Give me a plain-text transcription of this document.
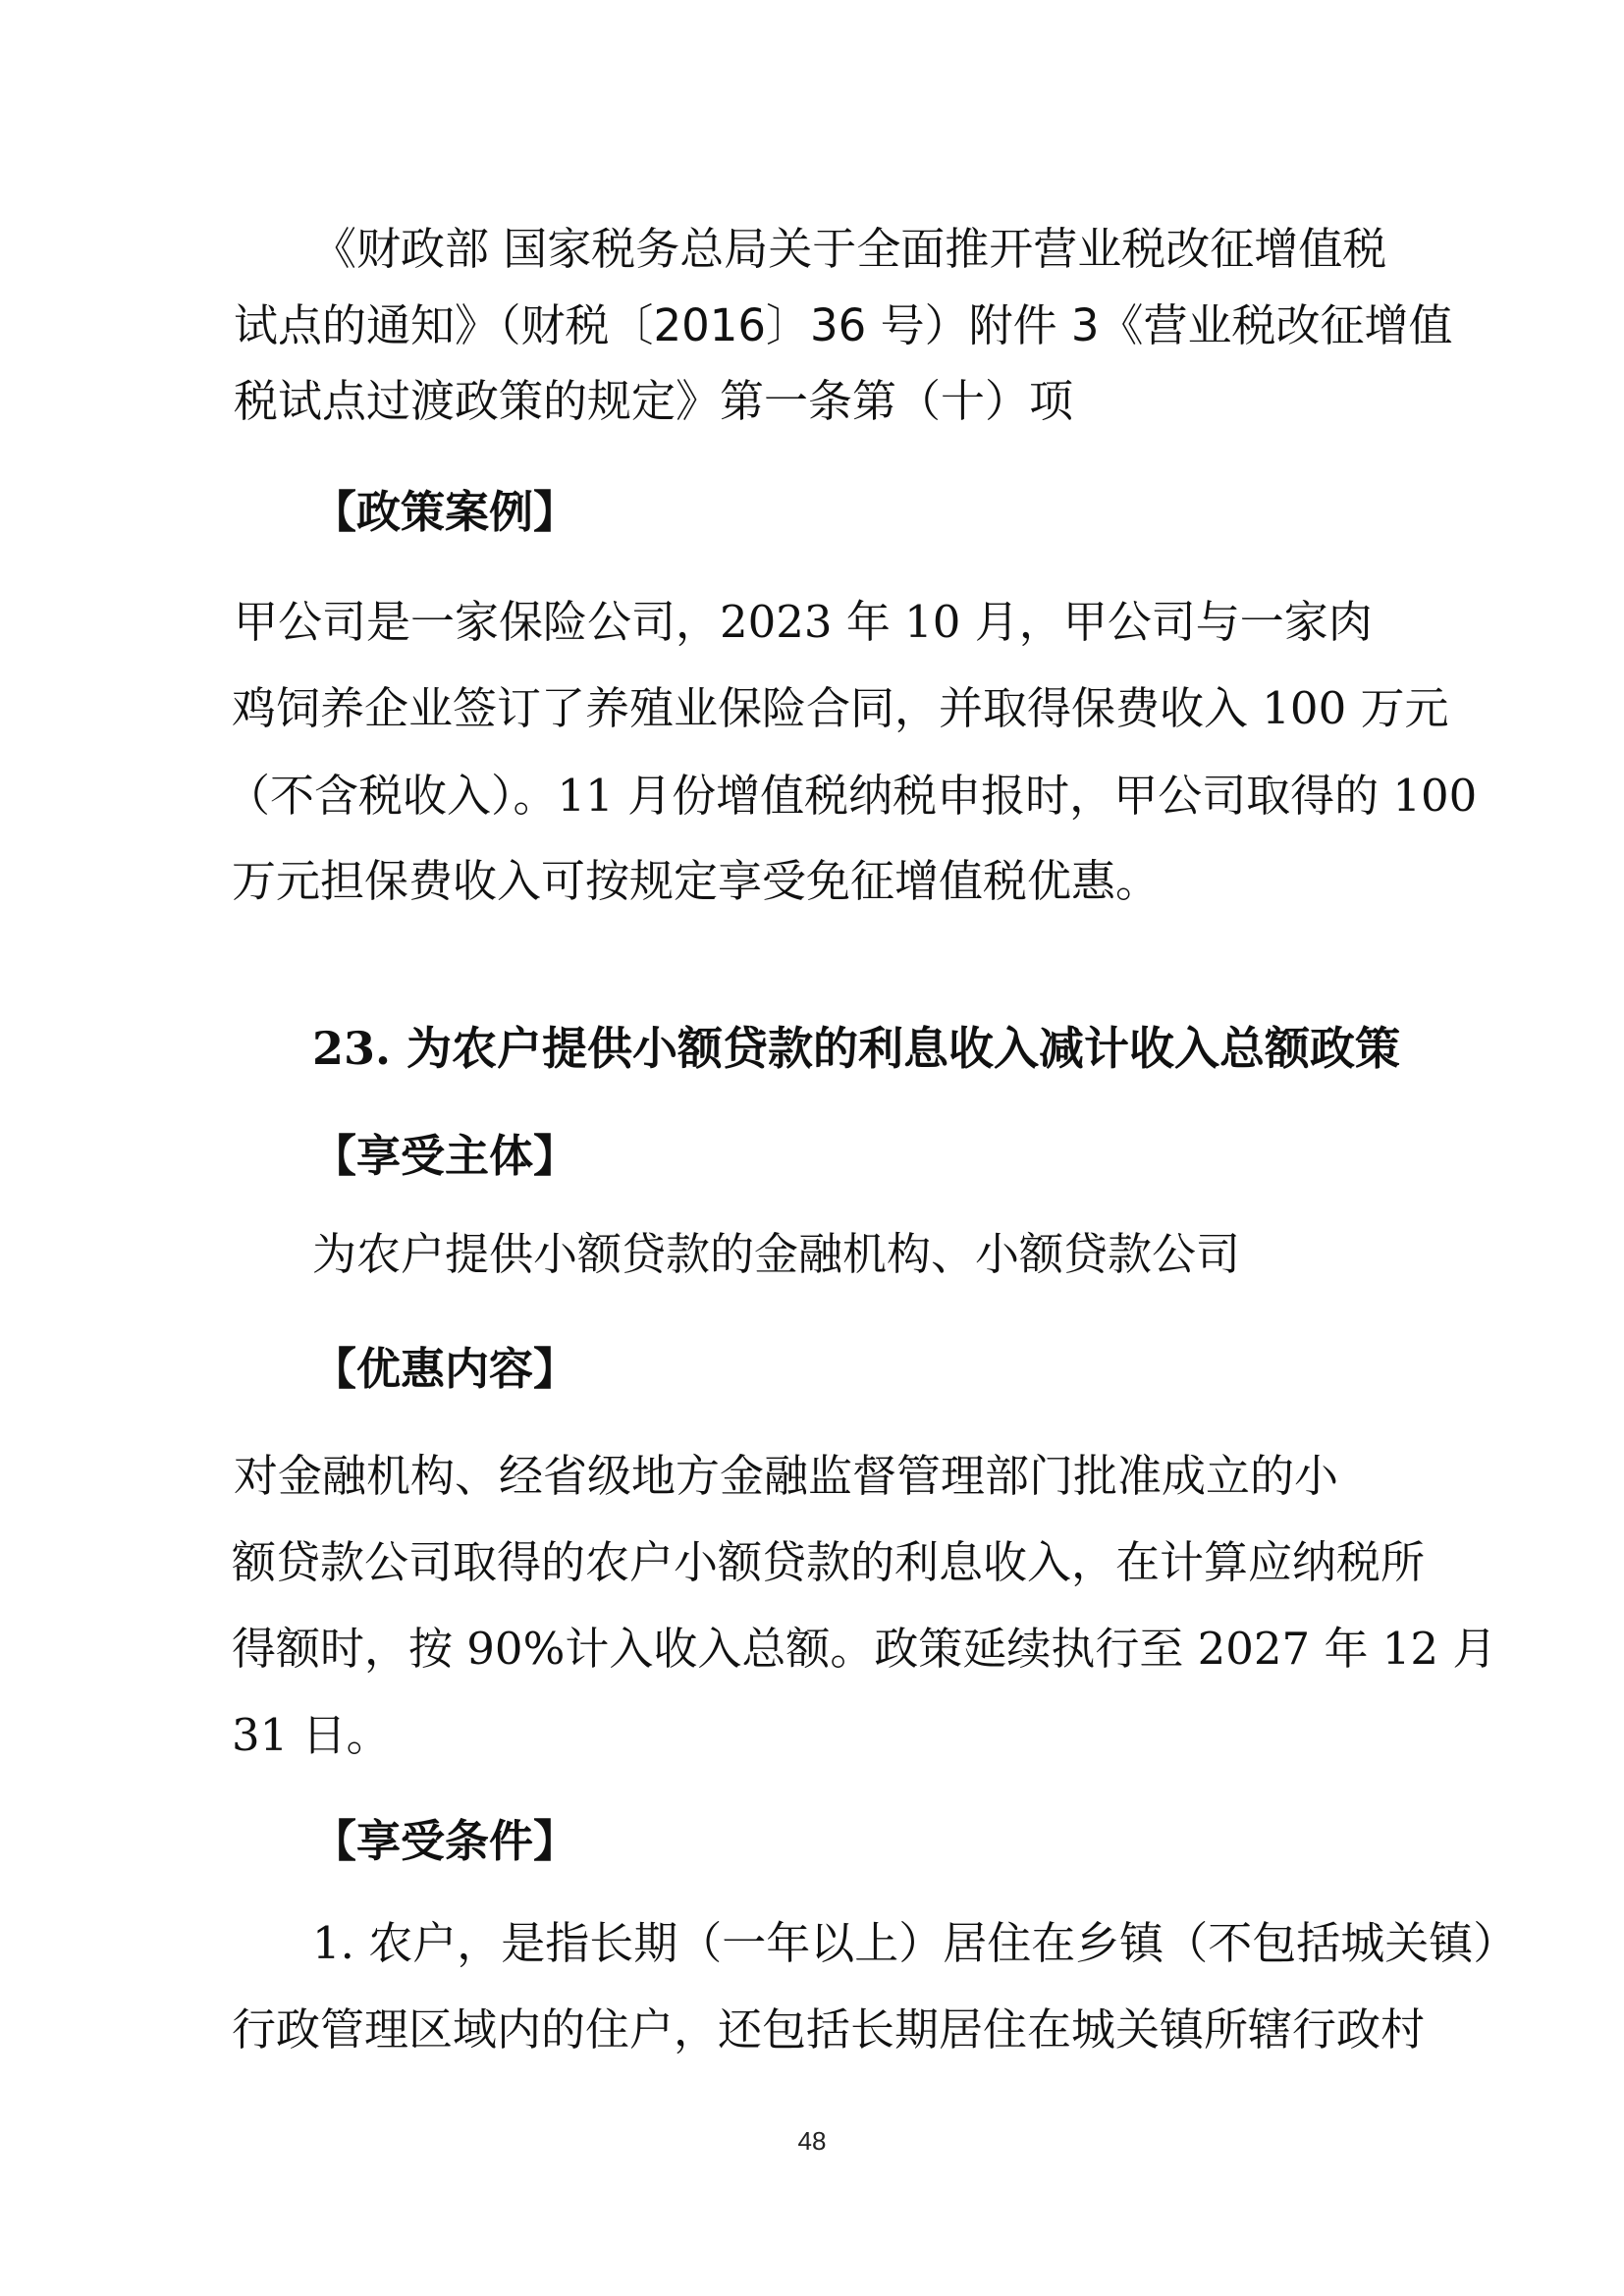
《财政部 国家税务总局关于全面推开营业税改征增值税
试点的通知》（财税〔2016〕36 号）附件 3《营业税改征增值
税试点过渡政策的规定》第一条第（十）项
【政策案例】
甲公司是一家保险公司，2023 年 10 月，甲公司与一家肉
鸡饲养企业签订了养殖业保险合同，并取得保费收入 100 万元
（不含税收入）。11 月份增值税纳税申报时，甲公司取得的 100
万元担保费收入可按规定享受免征增值税优惠。
23. 为农户提供小额贷款的利息收入减计收入总额政策
【享受主体】
为农户提供小额贷款的金融机构、小额贷款公司
【优惠内容】
对金融机构、经省级地方金融监督管理部门批准成立的小
额贷款公司取得的农户小额贷款的利息收入，在计算应纳税所
得额时，按 90%计入收入总额。政策延续执行至 2027 年 12 月
31 日。
【享受条件】
1. 农户，是指长期（一年以上）居住在乡镇（不包括城关镇）
行政管理区域内的住户，还包括长期居住在城关镇所辖行政村
48
